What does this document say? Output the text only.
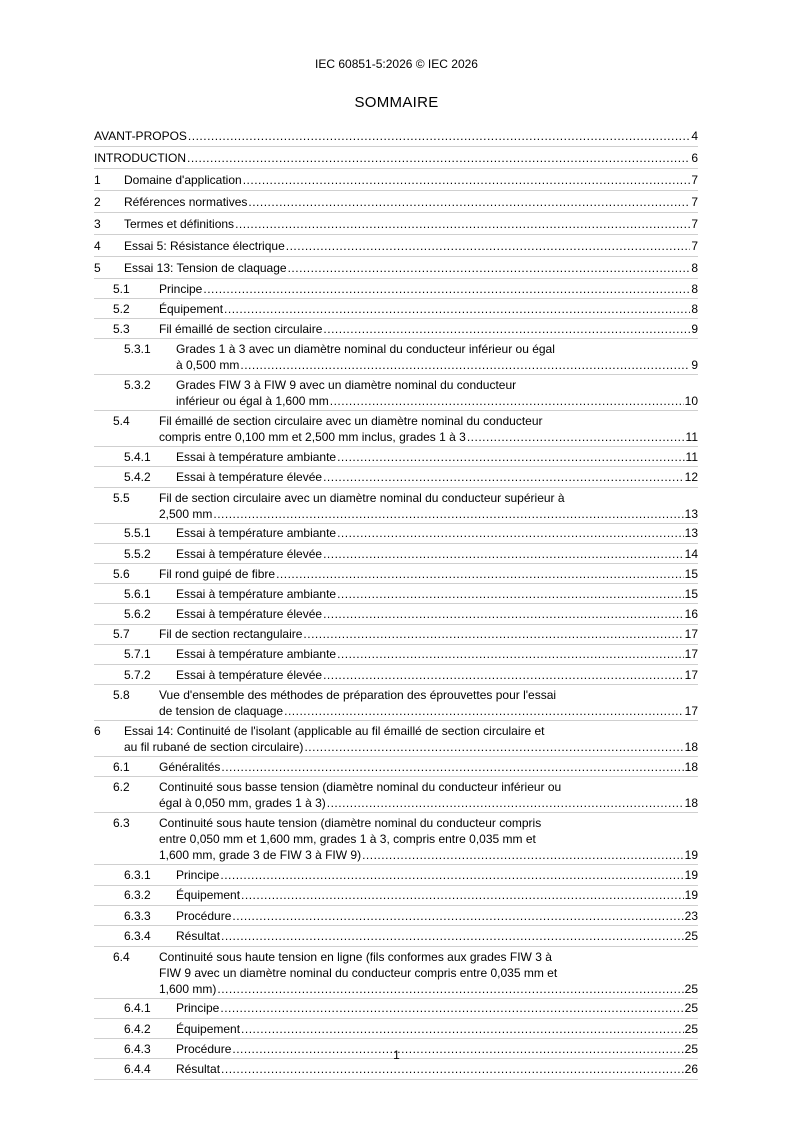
IEC 60851-5:2026 © IEC 2026
SOMMAIRE
AVANT-PROPOS .....	4
INTRODUCTION .....	6
1	Domaine d'application .....	7
2	Références normatives .....	7
3	Termes et définitions .....	7
4	Essai 5: Résistance électrique .....	7
5	Essai 13: Tension de claquage .....	8
5.1	Principe .....	8
5.2	Équipement .....	8
5.3	Fil émaillé de section circulaire .....	9
5.3.1	Grades 1 à 3 avec un diamètre nominal du conducteur inférieur ou égal
à 0,500 mm .....	9
5.3.2	Grades FIW 3 à FIW 9 avec un diamètre nominal du conducteur
inférieur ou égal à 1,600 mm .....	10
5.4	Fil émaillé de section circulaire avec un diamètre nominal du conducteur
compris entre 0,100 mm et 2,500 mm inclus, grades 1 à 3 .....	11
5.4.1	Essai à température ambiante .....	11
5.4.2	Essai à température élevée .....	12
5.5	Fil de section circulaire avec un diamètre nominal du conducteur supérieur à
2,500 mm .....	13
5.5.1	Essai à température ambiante .....	13
5.5.2	Essai à température élevée .....	14
5.6	Fil rond guipé de fibre .....	15
5.6.1	Essai à température ambiante .....	15
5.6.2	Essai à température élevée .....	16
5.7	Fil de section rectangulaire .....	17
5.7.1	Essai à température ambiante .....	17
5.7.2	Essai à température élevée .....	17
5.8	Vue d'ensemble des méthodes de préparation des éprouvettes pour l'essai
de tension de claquage .....	17
6	Essai 14: Continuité de l'isolant (applicable au fil émaillé de section circulaire et
au fil rubané de section circulaire) .....	18
6.1	Généralités .....	18
6.2	Continuité sous basse tension (diamètre nominal du conducteur inférieur ou
égal à 0,050 mm, grades 1 à 3) .....	18
6.3	Continuité sous haute tension (diamètre nominal du conducteur compris
entre 0,050 mm et 1,600 mm, grades 1 à 3, compris entre 0,035 mm et
1,600 mm, grade 3 de FIW 3 à FIW 9) .....	19
6.3.1	Principe .....	19
6.3.2	Équipement .....	19
6.3.3	Procédure .....	23
6.3.4	Résultat .....	25
6.4	Continuité sous haute tension en ligne (fils conformes aux grades FIW 3 à
FIW 9 avec un diamètre nominal du conducteur compris entre 0,035 mm et
1,600 mm) .....	25
6.4.1	Principe .....	25
6.4.2	Équipement .....	25
6.4.3	Procédure .....	25
6.4.4	Résultat .....	26
1
